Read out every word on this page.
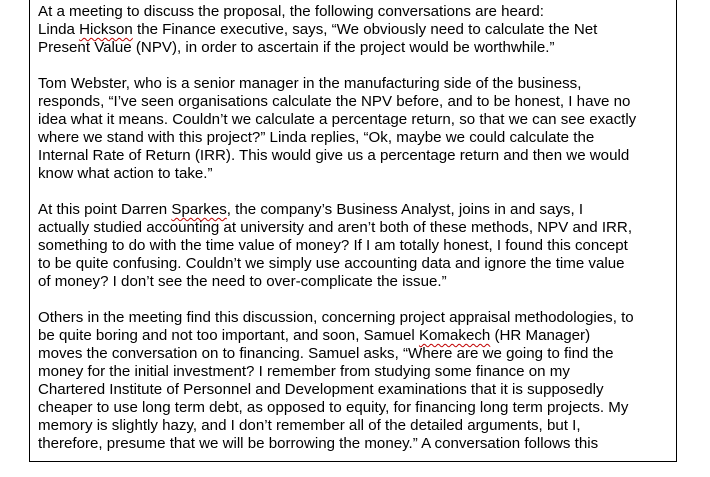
At a meeting to discuss the proposal, the following conversations are heard:
Linda Hickson the Finance executive, says, “We obviously need to calculate the Net
Present Value (NPV), in order to ascertain if the project would be worthwhile.”
Tom Webster, who is a senior manager in the manufacturing side of the business,
responds, “I’ve seen organisations calculate the NPV before, and to be honest, I have no
idea what it means. Couldn’t we calculate a percentage return, so that we can see exactly
where we stand with this project?” Linda replies, “Ok, maybe we could calculate the
Internal Rate of Return (IRR). This would give us a percentage return and then we would
know what action to take.”
At this point Darren Sparkes, the company’s Business Analyst, joins in and says, I
actually studied accounting at university and aren’t both of these methods, NPV and IRR,
something to do with the time value of money? If I am totally honest, I found this concept
to be quite confusing. Couldn’t we simply use accounting data and ignore the time value
of money? I don’t see the need to over-complicate the issue.”
Others in the meeting find this discussion, concerning project appraisal methodologies, to
be quite boring and not too important, and soon, Samuel Komakech (HR Manager)
moves the conversation on to financing. Samuel asks, “Where are we going to find the
money for the initial investment? I remember from studying some finance on my
Chartered Institute of Personnel and Development examinations that it is supposedly
cheaper to use long term debt, as opposed to equity, for financing long term projects. My
memory is slightly hazy, and I don’t remember all of the detailed arguments, but I,
therefore, presume that we will be borrowing the money.” A conversation follows this
